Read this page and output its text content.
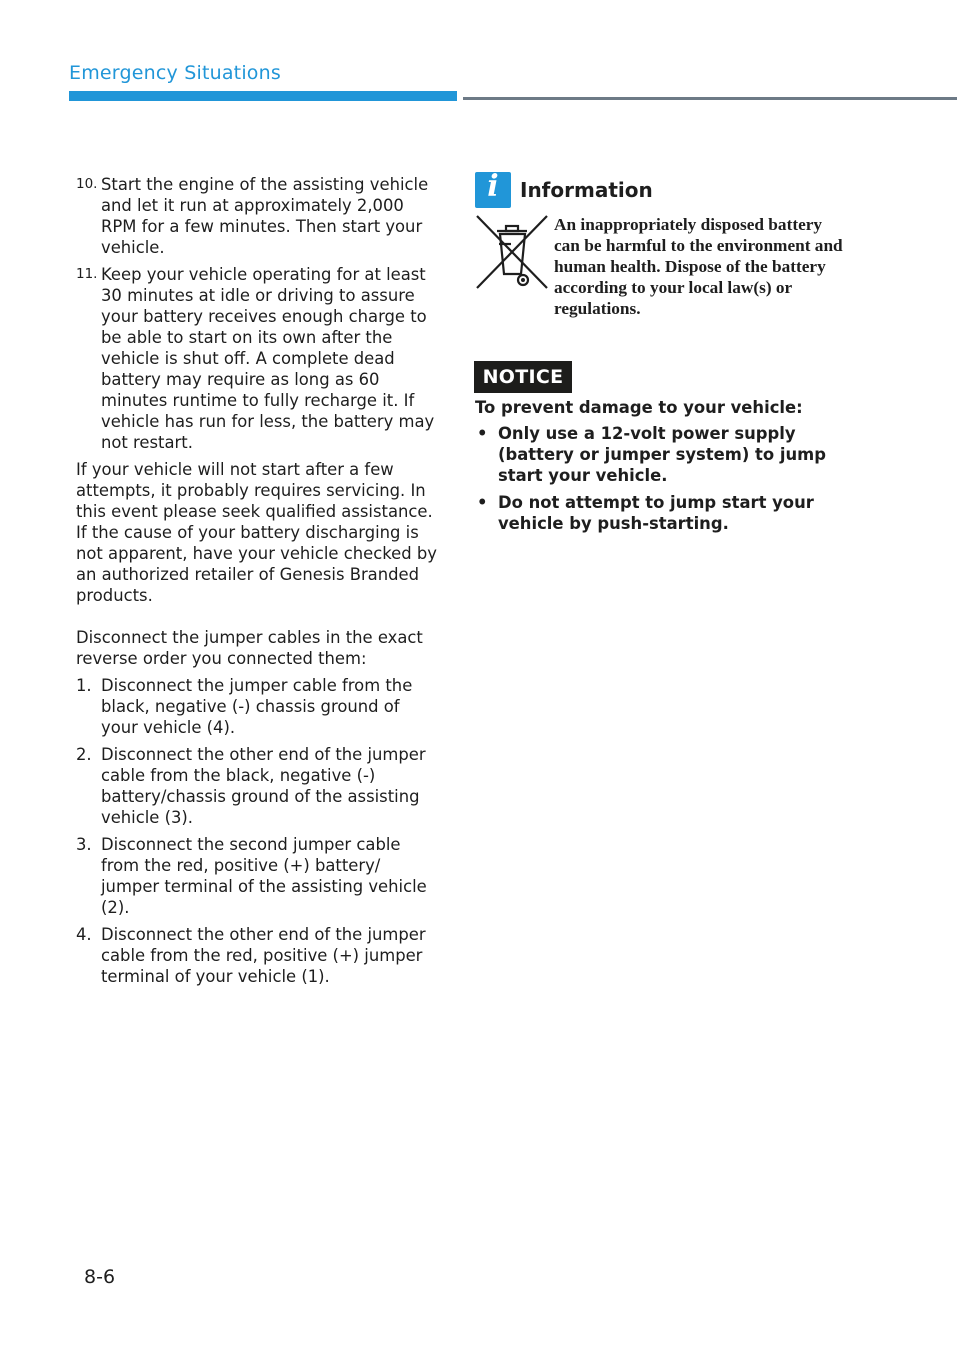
Emergency Situations
10. Start the engine of the assisting vehicle and let it run at approximately 2,000 RPM for a few minutes. Then start your vehicle.
11. Keep your vehicle operating for at least 30 minutes at idle or driving to assure your battery receives enough charge to be able to start on its own after the vehicle is shut off. A complete dead battery may require as long as 60 minutes runtime to fully recharge it. If vehicle has run for less, the battery may not restart.

If your vehicle will not start after a few attempts, it probably requires servicing. In this event please seek qualified assistance. If the cause of your battery discharging is not apparent, have your vehicle checked by an authorized retailer of Genesis Branded products.

Disconnect the jumper cables in the exact reverse order you connected them:

1. Disconnect the jumper cable from the black, negative (-) chassis ground of your vehicle (4).
2. Disconnect the other end of the jumper cable from the black, negative (-) battery/chassis ground of the assisting vehicle (3).
3. Disconnect the second jumper cable from the red, positive (+) battery/ jumper terminal of the assisting vehicle (2).
4. Disconnect the other end of the jumper cable from the red, positive (+) jumper terminal of your vehicle (1).
i	Information
An inappropriately disposed battery can be harmful to the environment and human health. Dispose of the battery according to your local law(s) or regulations.
NOTICE

To prevent damage to your vehicle:

• Only use a 12-volt power supply (battery or jumper system) to jump start your vehicle.
• Do not attempt to jump start your vehicle by push-starting.
8-6
